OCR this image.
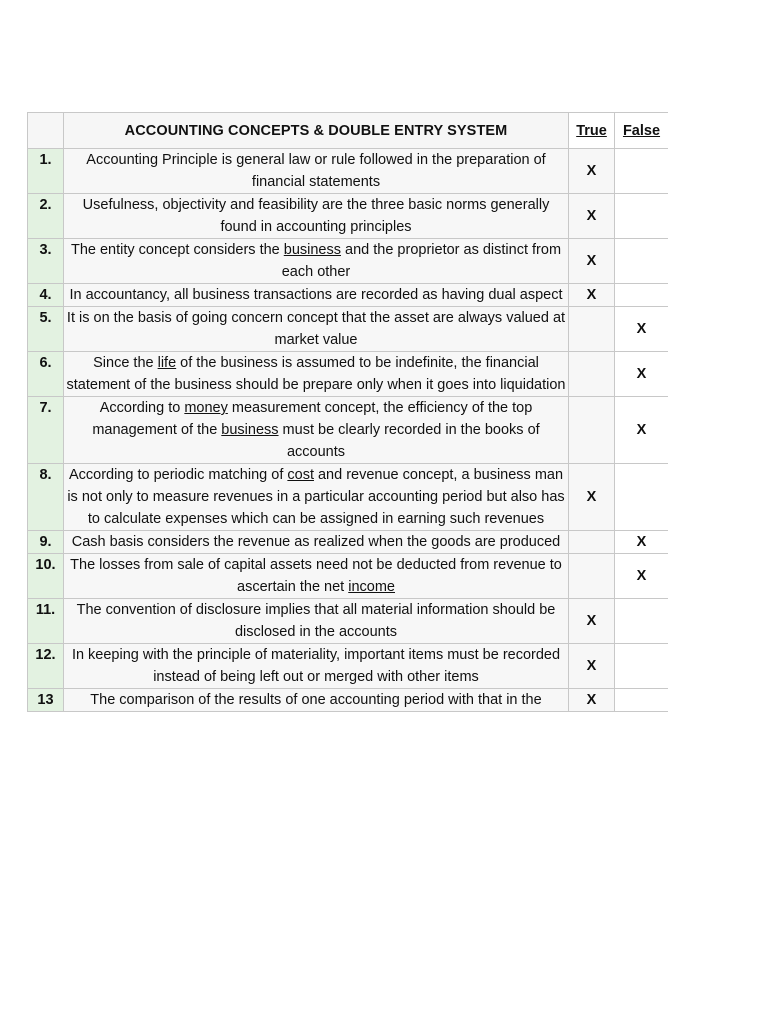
	ACCOUNTING CONCEPTS & DOUBLE ENTRY SYSTEM	True	False
1.	Accounting Principle is general law or rule followed in the preparation of financial statements	X	
2.	Usefulness, objectivity and feasibility are the three basic norms generally found in accounting principles	X	
3.	The entity concept considers the business and the proprietor as distinct from each other	X	
4.	In accountancy, all business transactions are recorded as having dual aspect	X	
5.	It is on the basis of going concern concept that the asset are always valued at market value		X
6.	Since the life of the business is assumed to be indefinite, the financial statement of the business should be prepare only when it goes into liquidation		X
7.	According to money measurement concept, the efficiency of the top management of the business must be clearly recorded in the books of accounts		X
8.	According to periodic matching of cost and revenue concept, a business man is not only to measure revenues in a particular accounting period but also has to calculate expenses which can be assigned in earning such revenues	X	
9.	Cash basis considers the revenue as realized when the goods are produced		X
10.	The losses from sale of capital assets need not be deducted from revenue to ascertain the net income		X
11.	The convention of disclosure implies that all material information should be disclosed in the accounts	X	
12.	In keeping with the principle of materiality, important items must be recorded instead of being left out or merged with other items	X	
13	The comparison of the results of one accounting period with that in the	X	
